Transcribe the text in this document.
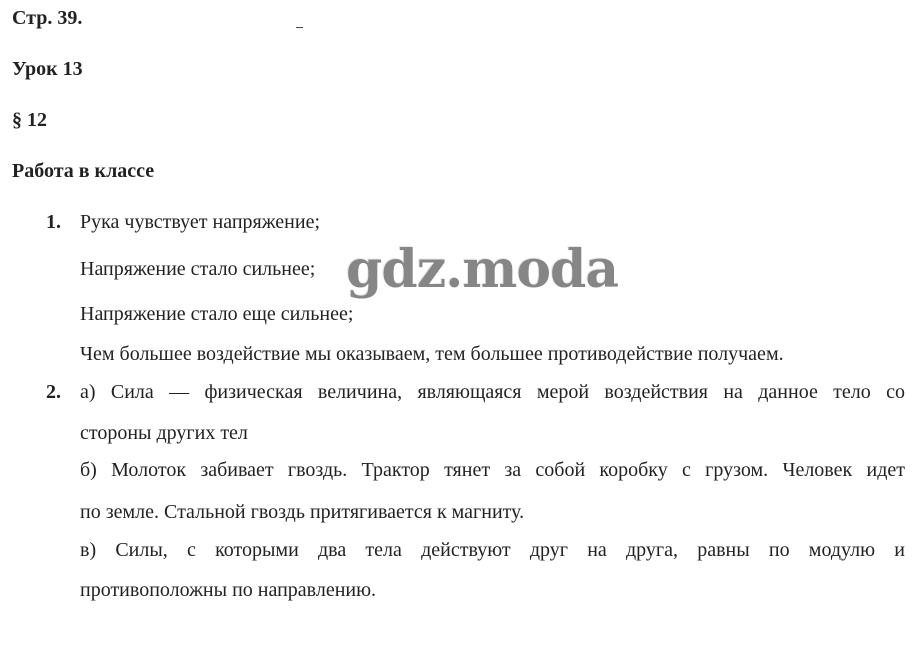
Стр. 39.
Урок 13
§ 12
Работа в классе
1. Рука чувствует напряжение;
Напряжение стало сильнее;
Напряжение стало еще сильнее;
Чем большее воздействие мы оказываем, тем большее противодействие получаем.
2. а) Сила — физическая величина, являющаяся мерой воздействия на данное тело со
стороны других тел
б) Молоток забивает гвоздь. Трактор тянет за собой коробку с грузом. Человек идет
по земле. Стальной гвоздь притягивается к магниту.
в) Силы, с которыми два тела действуют друг на друга, равны по модулю и
противоположны по направлению.
gdz.moda
